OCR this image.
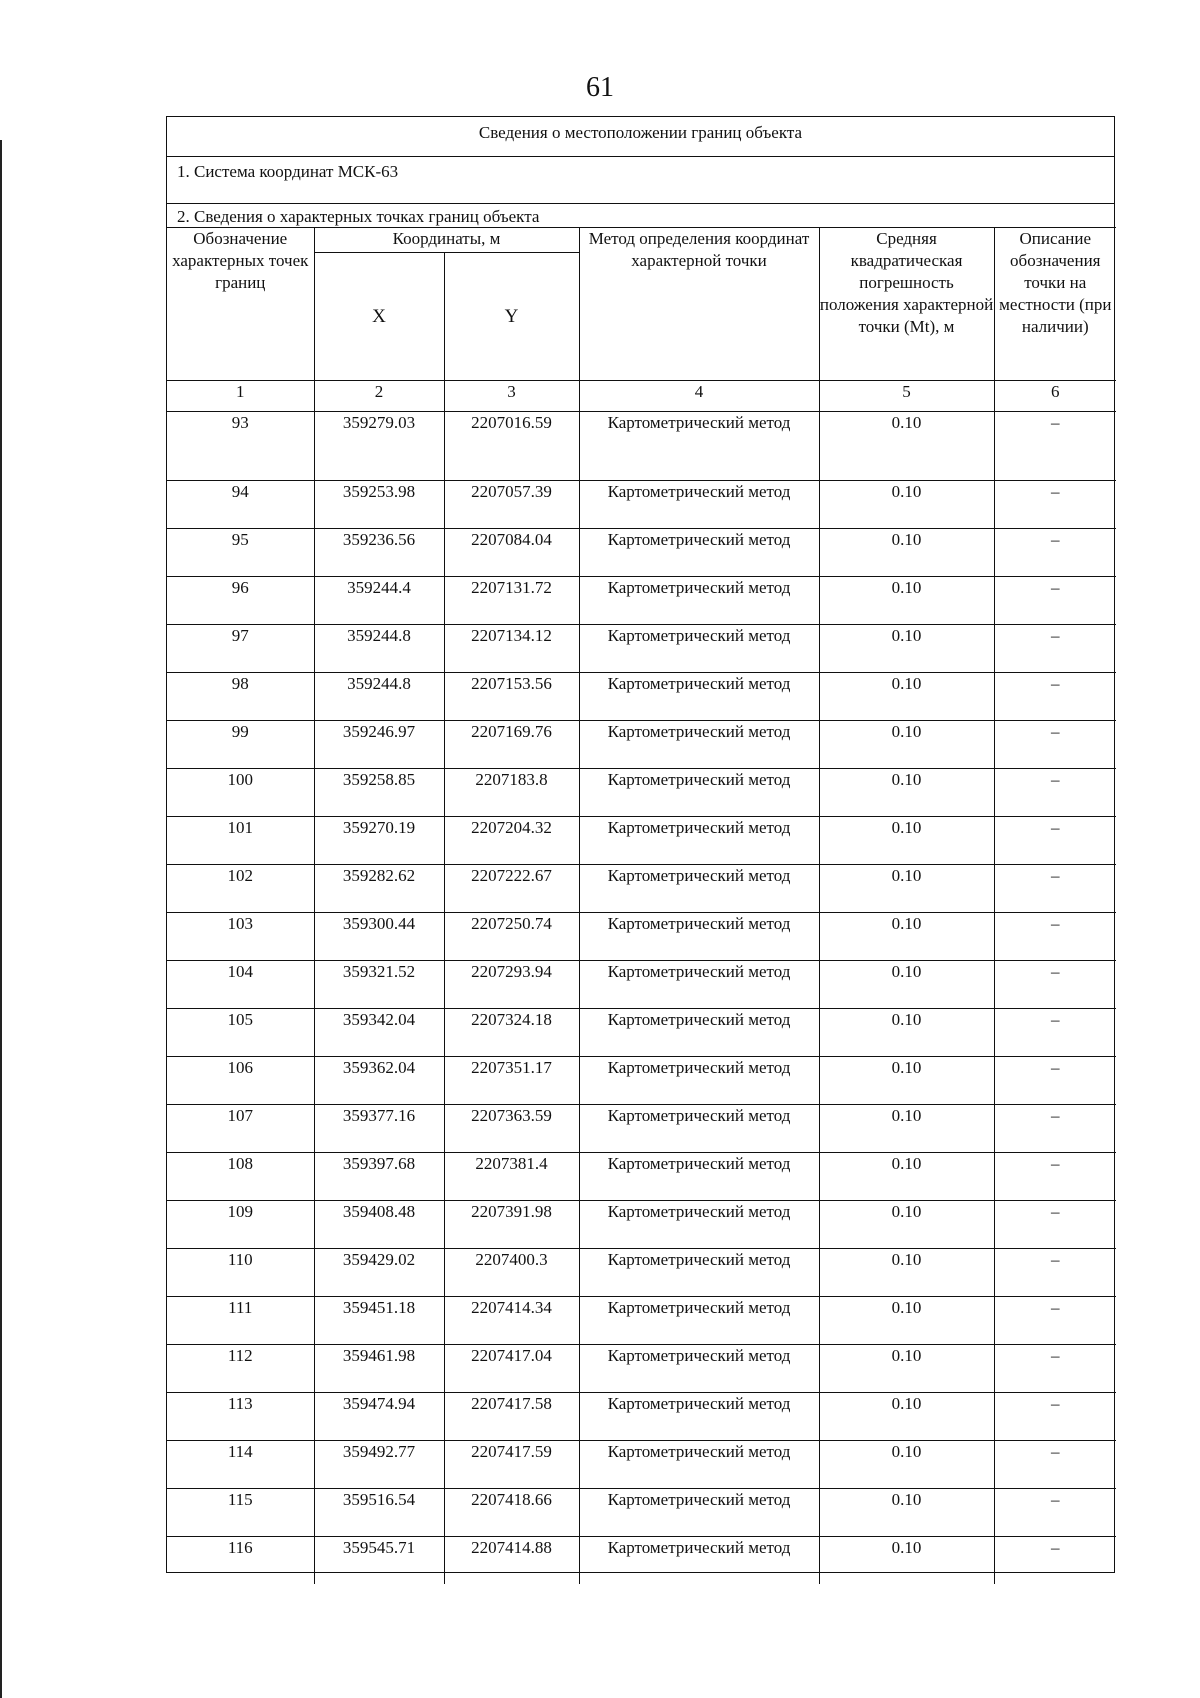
61
Сведения о местоположении границ объекта
1. Система координат МСК-63
2. Сведения о характерных точках границ объекта
Обозначение характерных точек границ	Координаты, м		Метод определения координат характерной точки	Средняя квадратическая погрешность положения характерной точки (Mt), м	Описание обозначения точки на местности (при наличии)
	X	Y			
1	2	3	4	5	6
93	359279.03	2207016.59	Картометрический метод	0.10	–
94	359253.98	2207057.39	Картометрический метод	0.10	–
95	359236.56	2207084.04	Картометрический метод	0.10	–
96	359244.4	2207131.72	Картометрический метод	0.10	–
97	359244.8	2207134.12	Картометрический метод	0.10	–
98	359244.8	2207153.56	Картометрический метод	0.10	–
99	359246.97	2207169.76	Картометрический метод	0.10	–
100	359258.85	2207183.8	Картометрический метод	0.10	–
101	359270.19	2207204.32	Картометрический метод	0.10	–
102	359282.62	2207222.67	Картометрический метод	0.10	–
103	359300.44	2207250.74	Картометрический метод	0.10	–
104	359321.52	2207293.94	Картометрический метод	0.10	–
105	359342.04	2207324.18	Картометрический метод	0.10	–
106	359362.04	2207351.17	Картометрический метод	0.10	–
107	359377.16	2207363.59	Картометрический метод	0.10	–
108	359397.68	2207381.4	Картометрический метод	0.10	–
109	359408.48	2207391.98	Картометрический метод	0.10	–
110	359429.02	2207400.3	Картометрический метод	0.10	–
111	359451.18	2207414.34	Картометрический метод	0.10	–
112	359461.98	2207417.04	Картометрический метод	0.10	–
113	359474.94	2207417.58	Картометрический метод	0.10	–
114	359492.77	2207417.59	Картометрический метод	0.10	–
115	359516.54	2207418.66	Картометрический метод	0.10	–
116	359545.71	2207414.88	Картометрический метод	0.10	–
